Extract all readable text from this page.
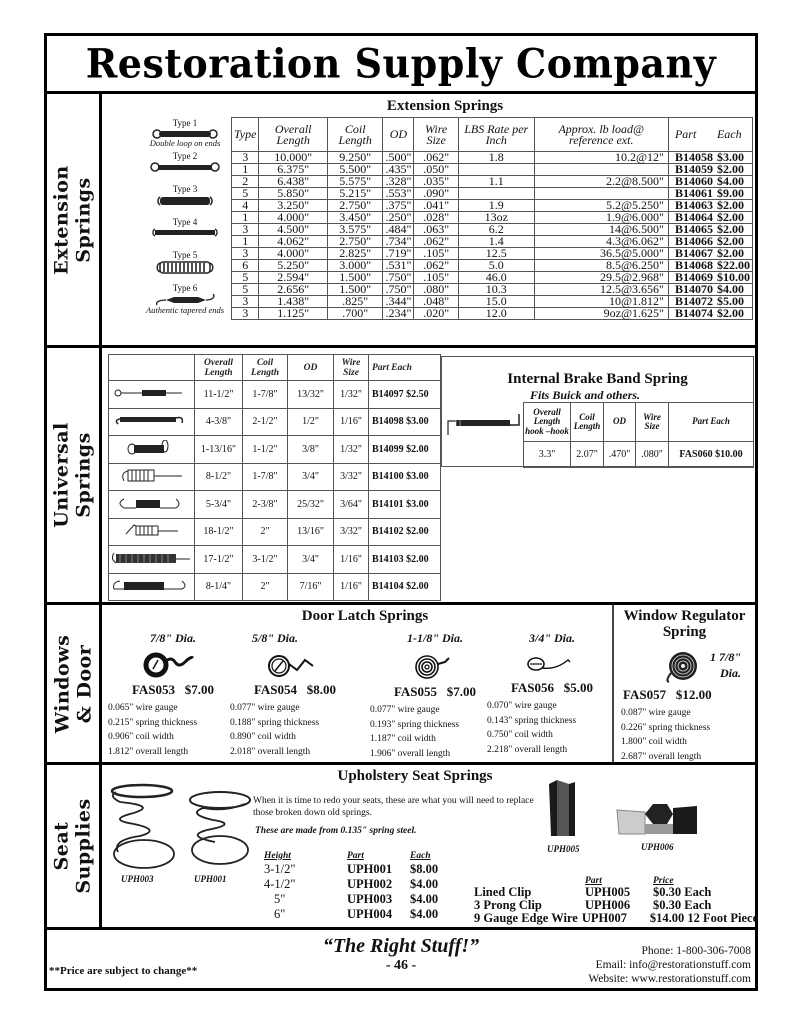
Restoration Supply Company
Extension Springs
Extension Springs
Type 1
Double loop on ends
Type 2
Type 3
Type 4
Type 5
Type 6
Authentic tapered ends
Type	Overall Length	Coil Length	OD	Wire Size	LBS Rate per Inch	Approx. lb load@ reference ext.	Part	Each
3	10.000"	9.250"	.500"	.062"	1.8	10.2@12"	B14058	$3.00
1	6.375"	5.500"	.435"	.050"			B14059	$2.00
2	6.438"	5.575"	.328"	.035"	1.1	2.2@8.500"	B14060	$4.00
5	5.850"	5.215"	.553"	.090"			B14061	$9.00
4	3.250"	2.750"	.375"	.041"	1.9	5.2@5.250"	B14063	$2.00
1	4.000"	3.450"	.250"	.028"	13oz	1.9@6.000"	B14064	$2.00
3	4.500"	3.575"	.484"	.063"	6.2	14@6.500"	B14065	$2.00
1	4.062"	2.750"	.734"	.062"	1.4	4.3@6.062"	B14066	$2.00
3	4.000"	2.825"	.719"	.105"	12.5	36.5@5.000"	B14067	$2.00
6	5.250"	3.000"	.531"	.062"	5.0	8.5@6.250"	B14068	$22.00
5	2.594"	1.500"	.750"	.105"	46.0	29.5@2.968"	B14069	$10.00
5	2.656"	1.500"	.750"	.080"	10.3	12.5@3.656"	B14070	$4.00
3	1.438"	.825"	.344"	.048"	15.0	10@1.812"	B14072	$5.00
3	1.125"	.700"	.234"	.020"	12.0	9oz@1.625"	B14074	$2.00
Universal Springs
	Overall Length	Coil Length	OD	Wire Size	Part Each
	11-1/2"	1-7/8"	13/32"	1/32"	B14097 $2.50
	4-3/8"	2-1/2"	1/2"	1/16"	B14098 $3.00
	1-13/16"	1-1/2"	3/8"	1/32"	B14099 $2.00
	8-1/2"	1-7/8"	3/4"	3/32"	B14100 $3.00
	5-3/4"	2-3/8"	25/32"	3/64"	B14101 $3.00
	18-1/2"	2"	13/16"	3/32"	B14102 $2.00
	17-1/2"	3-1/2"	3/4"	1/16"	B14103 $2.00
	8-1/4"	2"	7/16"	1/16"	B14104 $2.00
Internal Brake Band Spring
Fits Buick and others.
Overall Length hook –hook	Coil Length	OD	Wire Size	Part Each
3.3"	2.07"	.470"	.080"	FAS060 $10.00
Windows & Door
Door Latch Springs	Window Regulator
Spring
7/8" Dia.
FAS053 $7.00
0.065" wire gauge
0.215" spring thickness
0.906" coil width
1.812" overall length
5/8" Dia.
FAS054 $8.00
0.077" wire gauge
0.188" spring thickness
0.890" coil width
2.018" overall length
1-1/8" Dia.
FAS055 $7.00
0.077" wire gauge
0.193" spring thickness
1.187" coil width
1.906" overall length
3/4" Dia.
FAS056 $5.00
0.070" wire gauge
0.143" spring thickness
0.750" coil width
2.218" overall length
FAS057 $12.00
0.087" wire gauge
0.226" spring thickness
1.800" coil width
2.687" overall length
1 7/8"
Dia.
Seat Supplies
Upholstery Seat Springs
UPH003	UPH001
When it is time to redo your seats, these are what you will need to replace those broken down old springs.
These are made from 0.135" spring steel.
Height	Part	Each
3-1/2"	UPH001	$8.00
4-1/2"	UPH002	$4.00
5"	UPH003	$4.00
6"	UPH004	$4.00
UPH005	UPH006
Part	Price
Lined Clip	UPH005	$0.30 Each
3 Prong Clip	UPH006	$0.30 Each
9 Gauge Edge Wire UPH007	$14.00 12 Foot Piece
“The Right Stuff!”
- 46 -
**Price are subject to change**
Phone: 1-800-306-7008
Email: info@restorationstuff.com
Website: www.restorationstuff.com
